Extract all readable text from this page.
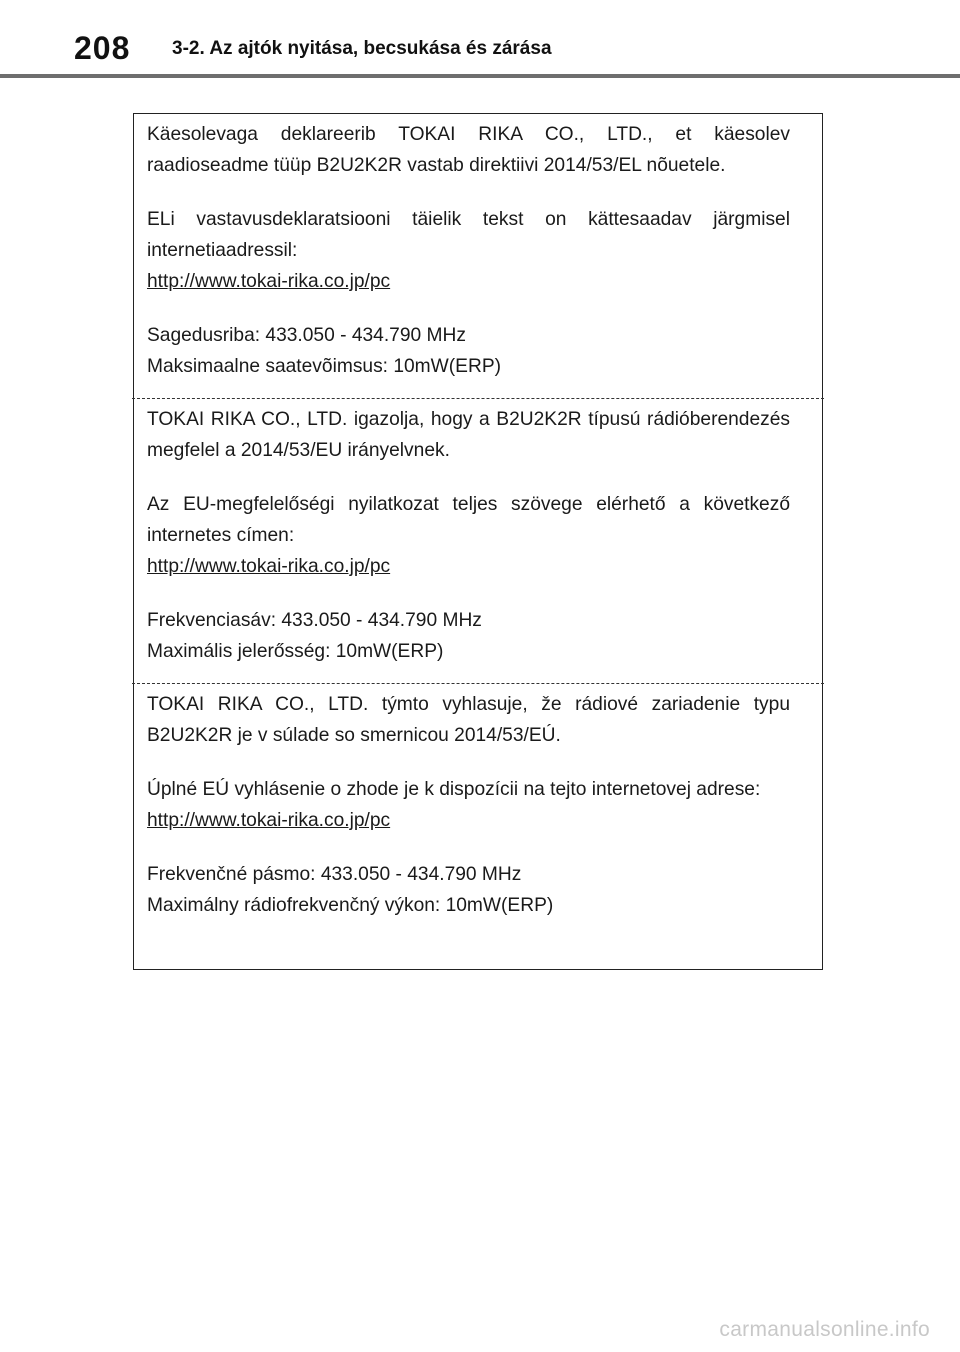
208 3-2. Az ajtók nyitása, becsukása és zárása

Käesolevaga deklareerib TOKAI RIKA CO., LTD., et käesolev raadioseadme tüüp B2U2K2R vastab direktiivi 2014/53/EL nõuetele.

ELi vastavusdeklaratsiooni täielik tekst on kättesaadav järgmisel internetiaadressil:

http://www.tokai-rika.co.jp/pc

Sagedusriba: 433.050 - 434.790 MHz

Maksimaalne saatevõimsus: 10mW(ERP)

TOKAI RIKA CO., LTD. igazolja, hogy a B2U2K2R típusú rádióberendezés megfelel a 2014/53/EU irányelvnek.

Az EU-megfelelőségi nyilatkozat teljes szövege elérhető a következő internetes címen:

http://www.tokai-rika.co.jp/pc

Frekvenciasáv: 433.050 - 434.790 MHz

Maximális jelerősség: 10mW(ERP)

TOKAI RIKA CO., LTD. týmto vyhlasuje, že rádiové zariadenie typu B2U2K2R je v súlade so smernicou 2014/53/EÚ.

Úplné EÚ vyhlásenie o zhode je k dispozícii na tejto internetovej adrese:

http://www.tokai-rika.co.jp/pc

Frekvenčné pásmo: 433.050 - 434.790 MHz

Maximálny rádiofrekvenčný výkon: 10mW(ERP)

carmanualsonline.info
